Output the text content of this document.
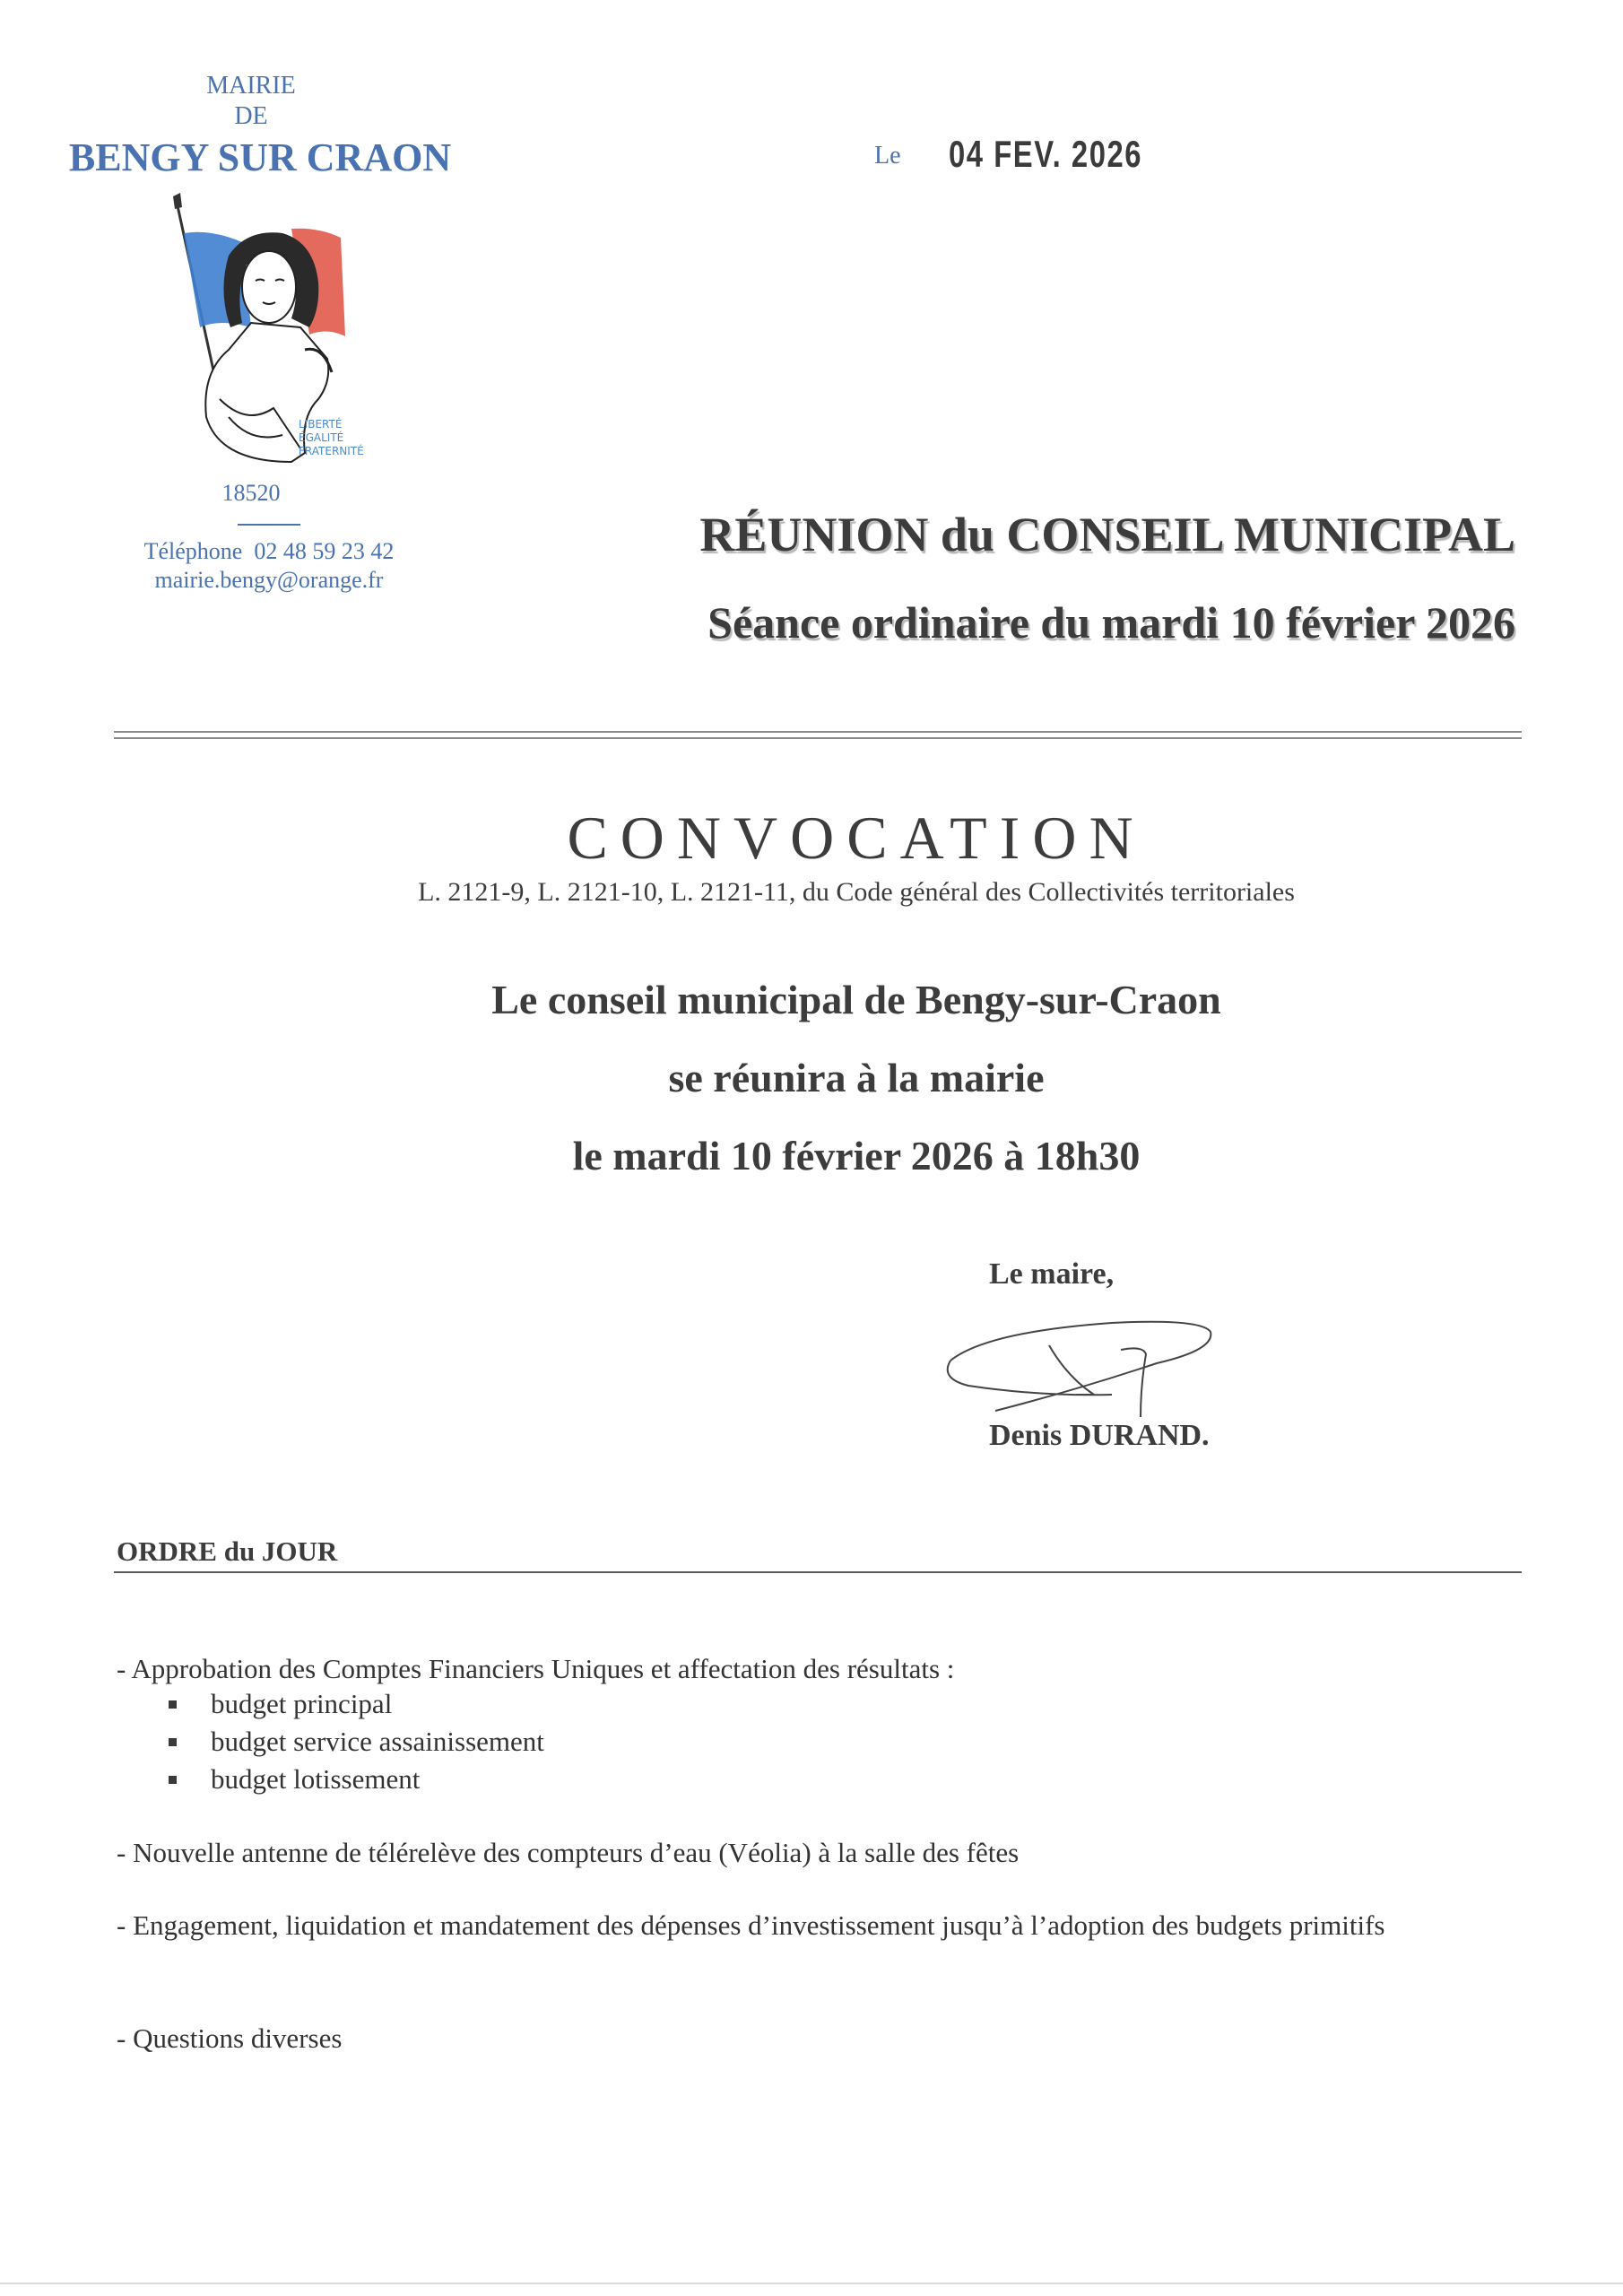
MAIRIE
DE
BENGY SUR CRAON
LIBERTÉ
ÉGALITÉ
FRATERNITÉ
18520
Téléphone 02 48 59 23 42
mairie.bengy@orange.fr
Le 04 FEV. 2026
RÉUNION du CONSEIL MUNICIPAL
Séance ordinaire du mardi 10 février 2026
CONVOCATION
L. 2121-9, L. 2121-10, L. 2121-11, du Code général des Collectivités territoriales
Le conseil municipal de Bengy-sur-Craon
se réunira à la mairie
le mardi 10 février 2026 à 18h30
Le maire,
Denis DURAND.
ORDRE du JOUR
- Approbation des Comptes Financiers Uniques et affectation des résultats :
budget principal
budget service assainissement
budget lotissement
- Nouvelle antenne de télérelève des compteurs d’eau (Véolia) à la salle des fêtes
- Engagement, liquidation et mandatement des dépenses d’investissement jusqu’à l’adoption des budgets primitifs
- Questions diverses
